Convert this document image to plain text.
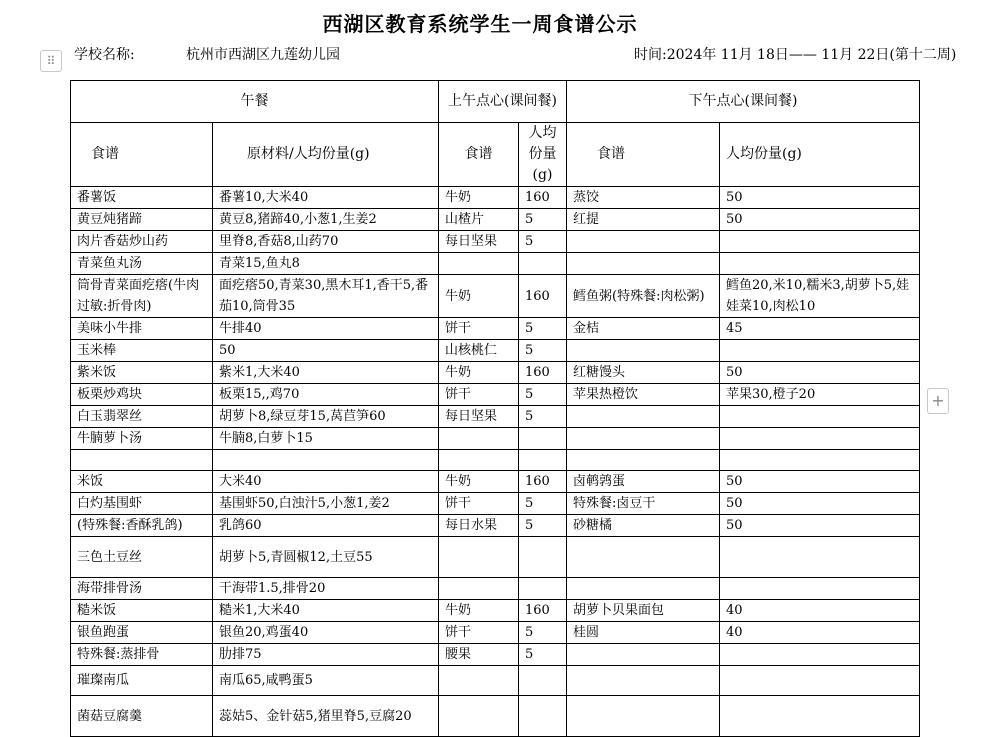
西湖区教育系统学生一周食谱公示
⠿	学校名称:	杭州市西湖区九莲幼儿园	时间:2024年 11月 18日—— 11月 22日(第十二周)
午餐		上午点心(课间餐)		下午点心(课间餐)	
食谱	原材料/人均份量(g)	食谱	人均份量(g)	食谱	人均份量(g)
番薯饭	番薯10,大米40	牛奶	160	蒸饺	50
黄豆炖猪蹄	黄豆8,猪蹄40,小葱1,生姜2	山楂片	5	红提	50
肉片香菇炒山药	里脊8,香菇8,山药70	每日坚果	5		
青菜鱼丸汤	青菜15,鱼丸8				
筒骨青菜面疙瘩(牛肉过敏:折骨肉)	面疙瘩50,青菜30,黑木耳1,香干5,番茄10,筒骨35	牛奶	160	鳕鱼粥(特殊餐:肉松粥)	鳕鱼20,米10,糯米3,胡萝卜5,娃娃菜10,肉松10
美味小牛排	牛排40	饼干	5	金桔	45
玉米棒	50	山核桃仁	5		
紫米饭	紫米1,大米40	牛奶	160	红糖馒头	50
板栗炒鸡块	板栗15,,鸡70	饼干	5	苹果热橙饮	苹果30,橙子20
白玉翡翠丝	胡萝卜8,绿豆芽15,莴苣笋60	每日坚果	5		
牛腩萝卜汤	牛腩8,白萝卜15				

米饭	大米40	牛奶	160	卤鹌鹑蛋	50
白灼基围虾	基围虾50,白浊汁5,小葱1,姜2	饼干	5	特殊餐:卤豆干	50
(特殊餐:香酥乳鸽)	乳鸽60	每日水果	5	砂糖橘	50
三色土豆丝	胡萝卜5,青圆椒12,土豆55				
海带排骨汤	干海带1.5,排骨20				
糙米饭	糙米1,大米40	牛奶	160	胡萝卜贝果面包	40
银鱼跑蛋	银鱼20,鸡蛋40	饼干	5	桂圆	40
特殊餐:蒸排骨	肋排75	腰果	5		
璀璨南瓜	南瓜65,咸鸭蛋5				
菌菇豆腐羹	蕊姑5、金针菇5,猪里脊5,豆腐20				
+
